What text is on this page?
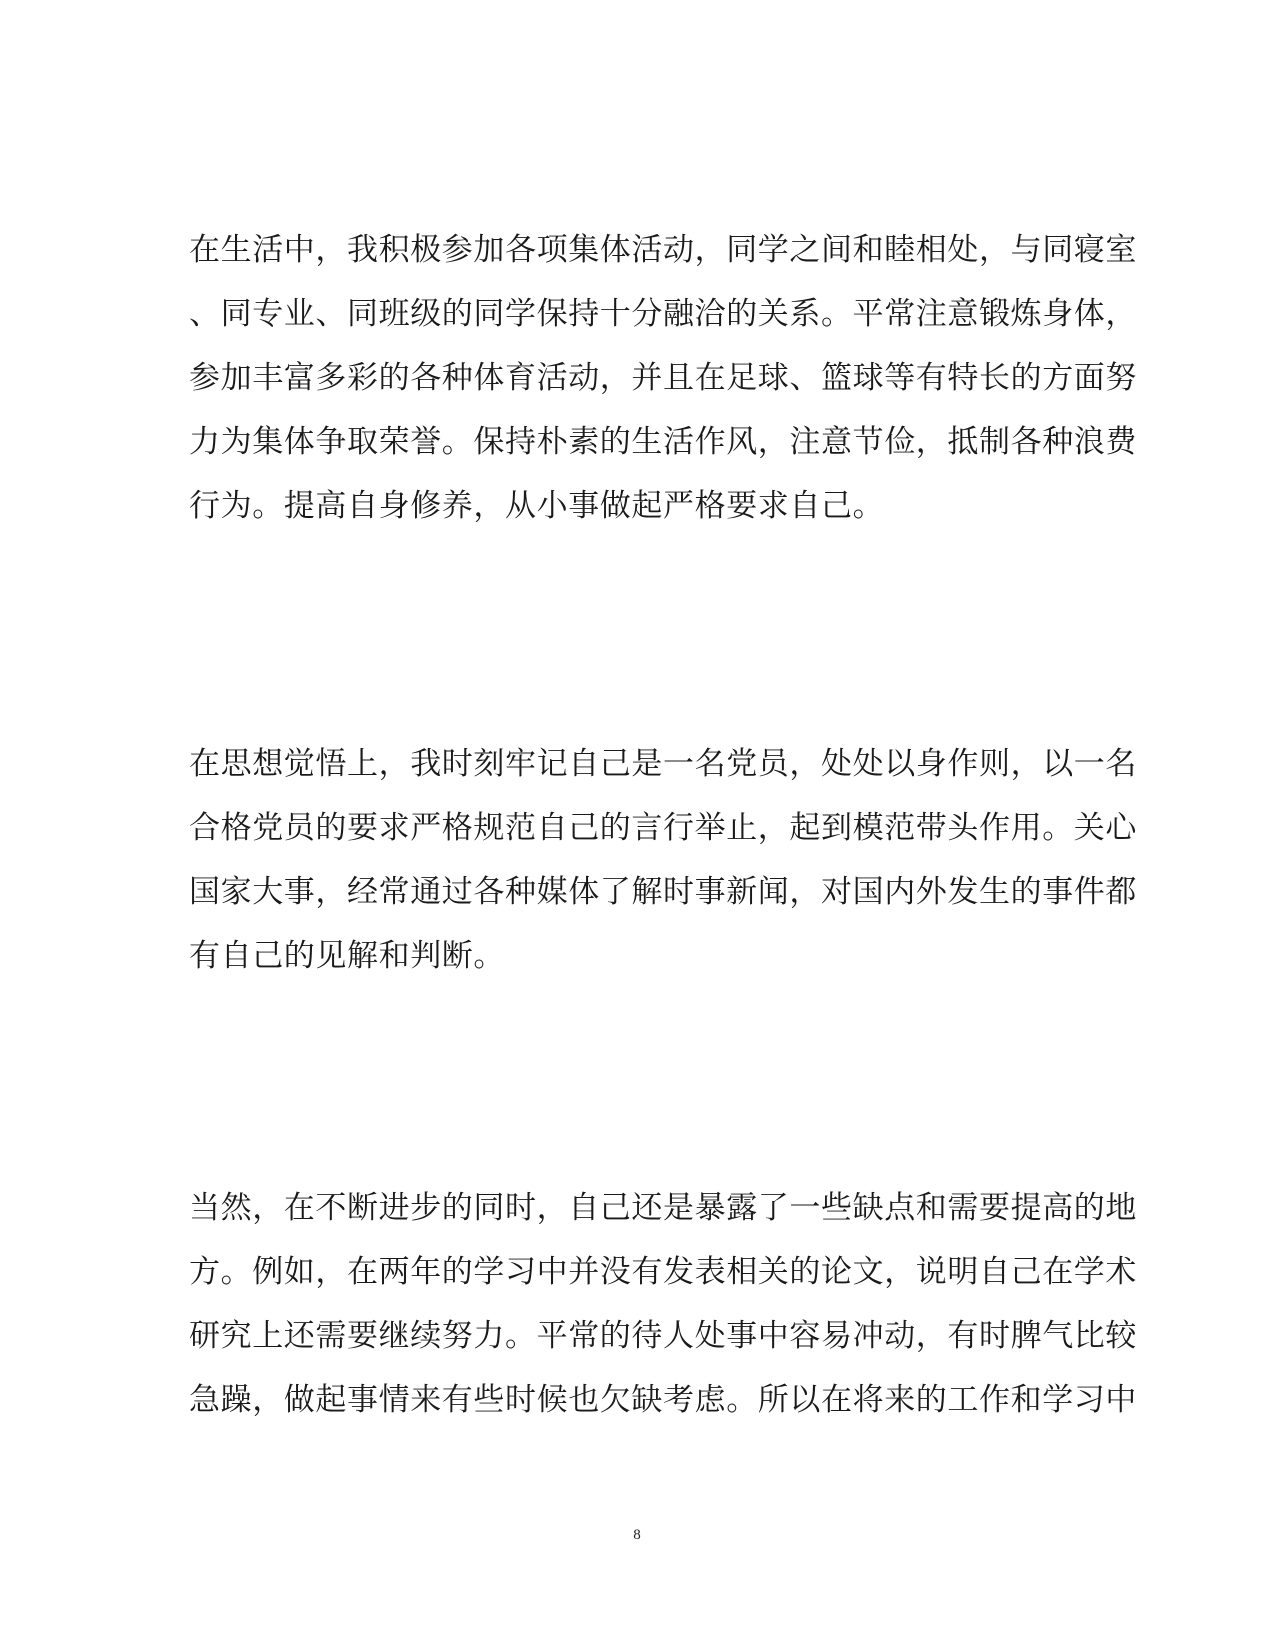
在生活中，我积极参加各项集体活动，同学之间和睦相处，与同寝室
、同专业、同班级的同学保持十分融洽的关系。平常注意锻炼身体，
参加丰富多彩的各种体育活动，并且在足球、篮球等有特长的方面努
力为集体争取荣誉。保持朴素的生活作风，注意节俭，抵制各种浪费
行为。提高自身修养，从小事做起严格要求自己。
在思想觉悟上，我时刻牢记自己是一名党员，处处以身作则，以一名
合格党员的要求严格规范自己的言行举止，起到模范带头作用。关心
国家大事，经常通过各种媒体了解时事新闻，对国内外发生的事件都
有自己的见解和判断。
当然，在不断进步的同时，自己还是暴露了一些缺点和需要提高的地
方。例如，在两年的学习中并没有发表相关的论文，说明自己在学术
研究上还需要继续努力。平常的待人处事中容易冲动，有时脾气比较
急躁，做起事情来有些时候也欠缺考虑。所以在将来的工作和学习中
8
